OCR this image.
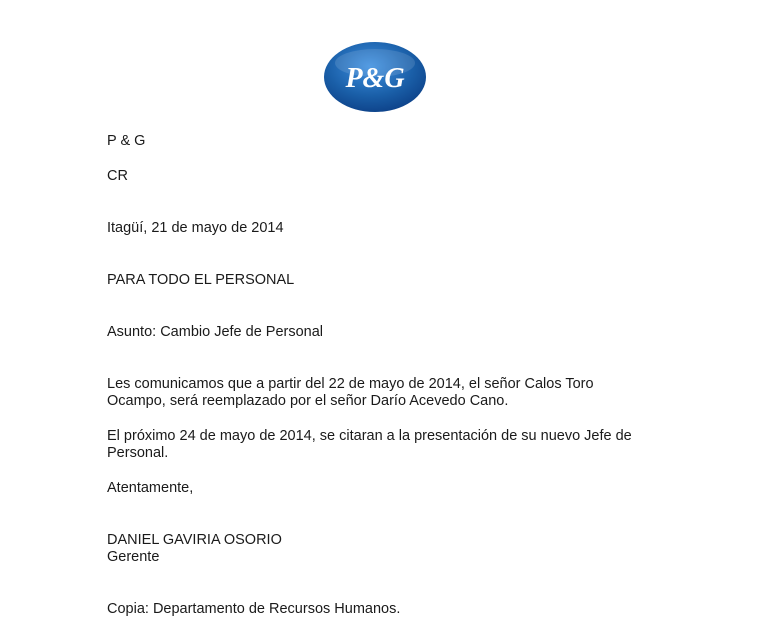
P&G

P & G

CR

Itagüí, 21 de mayo de 2014

PARA TODO EL PERSONAL

Asunto: Cambio Jefe de Personal

Les comunicamos que a partir del 22 de mayo de 2014, el señor Calos Toro
Ocampo, será reemplazado por el señor Darío Acevedo Cano.
El próximo 24 de mayo de 2014, se citaran a la presentación de su nuevo Jefe de
Personal.

Atentamente,

DANIEL GAVIRIA OSORIO

Gerente

Copia: Departamento de Recursos Humanos.
